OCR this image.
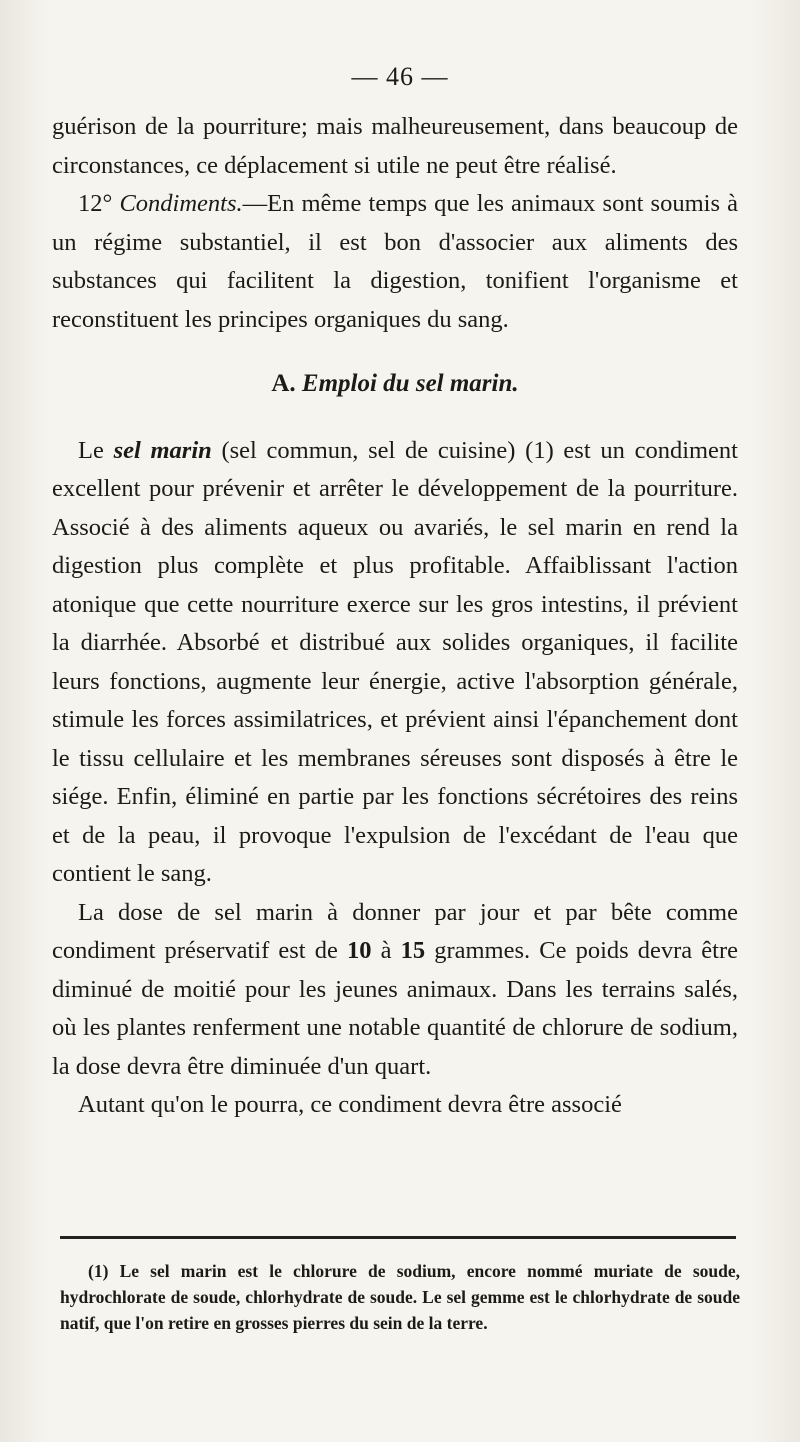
— 46 —

guérison de la pourriture; mais malheureusement, dans beaucoup de circonstances, ce déplacement si utile ne peut être réalisé.

12° Condiments.—En même temps que les animaux sont soumis à un régime substantiel, il est bon d'associer aux aliments des substances qui facilitent la digestion, tonifient l'organisme et reconstituent les principes organiques du sang.

A. Emploi du sel marin.

Le sel marin (sel commun, sel de cuisine) (1) est un condiment excellent pour prévenir et arrêter le développement de la pourriture. Associé à des aliments aqueux ou avariés, le sel marin en rend la digestion plus complète et plus profitable. Affaiblissant l'action atonique que cette nourriture exerce sur les gros intestins, il prévient la diarrhée. Absorbé et distribué aux solides organiques, il facilite leurs fonctions, augmente leur énergie, active l'absorption générale, stimule les forces assimilatrices, et prévient ainsi l'épanchement dont le tissu cellulaire et les membranes séreuses sont disposés à être le siége. Enfin, éliminé en partie par les fonctions sécrétoires des reins et de la peau, il provoque l'expulsion de l'excédant de l'eau que contient le sang.

La dose de sel marin à donner par jour et par bête comme condiment préservatif est de 10 à 15 grammes. Ce poids devra être diminué de moitié pour les jeunes animaux. Dans les terrains salés, où les plantes renferment une notable quantité de chlorure de sodium, la dose devra être diminuée d'un quart.

Autant qu'on le pourra, ce condiment devra être associé

(1) Le sel marin est le chlorure de sodium, encore nommé muriate de soude, hydrochlorate de soude, chlorhydrate de soude. Le sel gemme est le chlorhydrate de soude natif, que l'on retire en grosses pierres du sein de la terre.
